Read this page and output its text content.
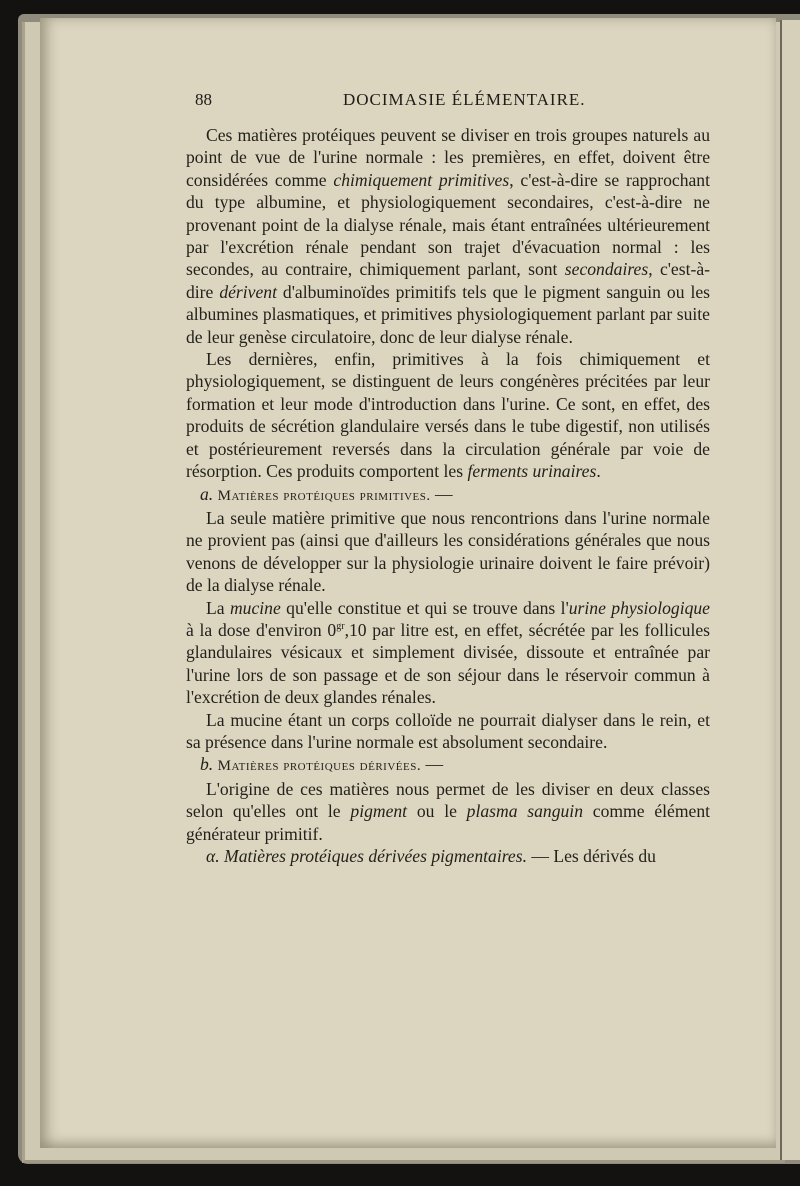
88	DOCIMASIE ÉLÉMENTAIRE.

Ces matières protéiques peuvent se diviser en trois groupes naturels au point de vue de l'urine normale : les premières, en effet, doivent être considérées comme chimiquement primitives, c'est-à-dire se rapprochant du type albumine, et physiologiquement secondaires, c'est-à-dire ne provenant point de la dialyse rénale, mais étant entraînées ultérieurement par l'excrétion rénale pendant son trajet d'évacuation normal : les secondes, au contraire, chimiquement parlant, sont secondaires, c'est-à-dire dérivent d'albuminoïdes primitifs tels que le pigment sanguin ou les albumines plasmatiques, et primitives physiologiquement parlant par suite de leur genèse circulatoire, donc de leur dialyse rénale.

Les dernières, enfin, primitives à la fois chimiquement et physiologiquement, se distinguent de leurs congénères précitées par leur formation et leur mode d'introduction dans l'urine. Ce sont, en effet, des produits de sécrétion glandulaire versés dans le tube digestif, non utilisés et postérieurement reversés dans la circulation générale par voie de résorption. Ces produits comportent les ferments urinaires.

a. Matières protéiques primitives. —

La seule matière primitive que nous rencontrions dans l'urine normale ne provient pas (ainsi que d'ailleurs les considérations générales que nous venons de développer sur la physiologie urinaire doivent le faire prévoir) de la dialyse rénale.

La mucine qu'elle constitue et qui se trouve dans l'urine physiologique à la dose d'environ $0^{gr},10$ par litre est, en effet, sécrétée par les follicules glandulaires vésicaux et simplement divisée, dissoute et entraînée par l'urine lors de son passage et de son séjour dans le réservoir commun à l'excrétion de deux glandes rénales.

La mucine étant un corps colloïde ne pourrait dialyser dans le rein, et sa présence dans l'urine normale est absolument secondaire.

b. Matières protéiques dérivées. —

L'origine de ces matières nous permet de les diviser en deux classes selon qu'elles ont le pigment ou le plasma sanguin comme élément générateur primitif.

α. Matières protéiques dérivées pigmentaires. — Les dérivés du
